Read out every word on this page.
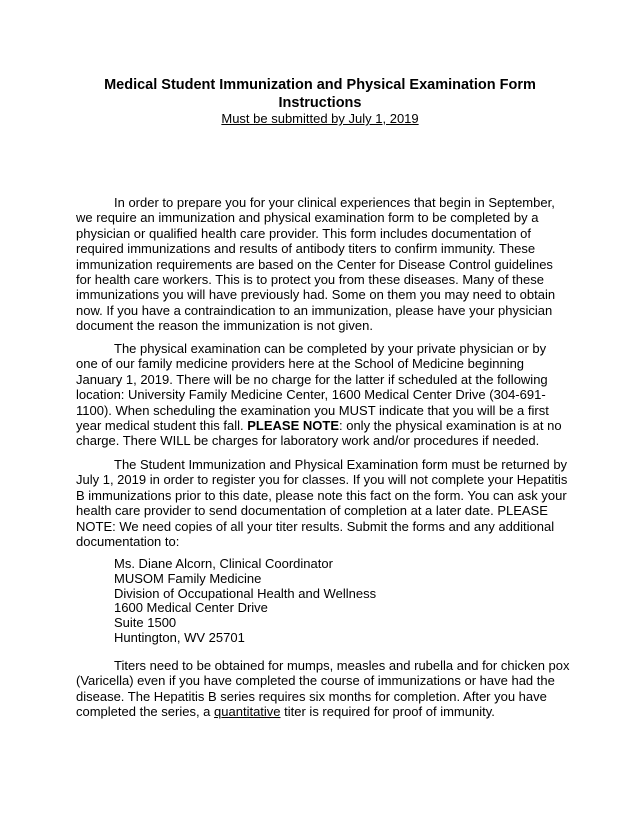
Medical Student Immunization and Physical Examination Form
Instructions
Must be submitted by July 1, 2019

In order to prepare you for your clinical experiences that begin in September, we require an immunization and physical examination form to be completed by a physician or qualified health care provider. This form includes documentation of required immunizations and results of antibody titers to confirm immunity. These immunization requirements are based on the Center for Disease Control guidelines for health care workers. This is to protect you from these diseases. Many of these immunizations you will have previously had. Some on them you may need to obtain now. If you have a contraindication to an immunization, please have your physician document the reason the immunization is not given.

The physical examination can be completed by your private physician or by one of our family medicine providers here at the School of Medicine beginning January 1, 2019. There will be no charge for the latter if scheduled at the following location: University Family Medicine Center, 1600 Medical Center Drive (304-691-1100). When scheduling the examination you MUST indicate that you will be a first year medical student this fall. PLEASE NOTE: only the physical examination is at no charge. There WILL be charges for laboratory work and/or procedures if needed.

The Student Immunization and Physical Examination form must be returned by July 1, 2019 in order to register you for classes. If you will not complete your Hepatitis B immunizations prior to this date, please note this fact on the form. You can ask your health care provider to send documentation of completion at a later date. PLEASE NOTE: We need copies of all your titer results. Submit the forms and any additional documentation to:

Ms. Diane Alcorn, Clinical Coordinator
MUSOM Family Medicine
Division of Occupational Health and Wellness
1600 Medical Center Drive
Suite 1500
Huntington, WV 25701

Titers need to be obtained for mumps, measles and rubella and for chicken pox (Varicella) even if you have completed the course of immunizations or have had the disease. The Hepatitis B series requires six months for completion. After you have completed the series, a quantitative titer is required for proof of immunity.
